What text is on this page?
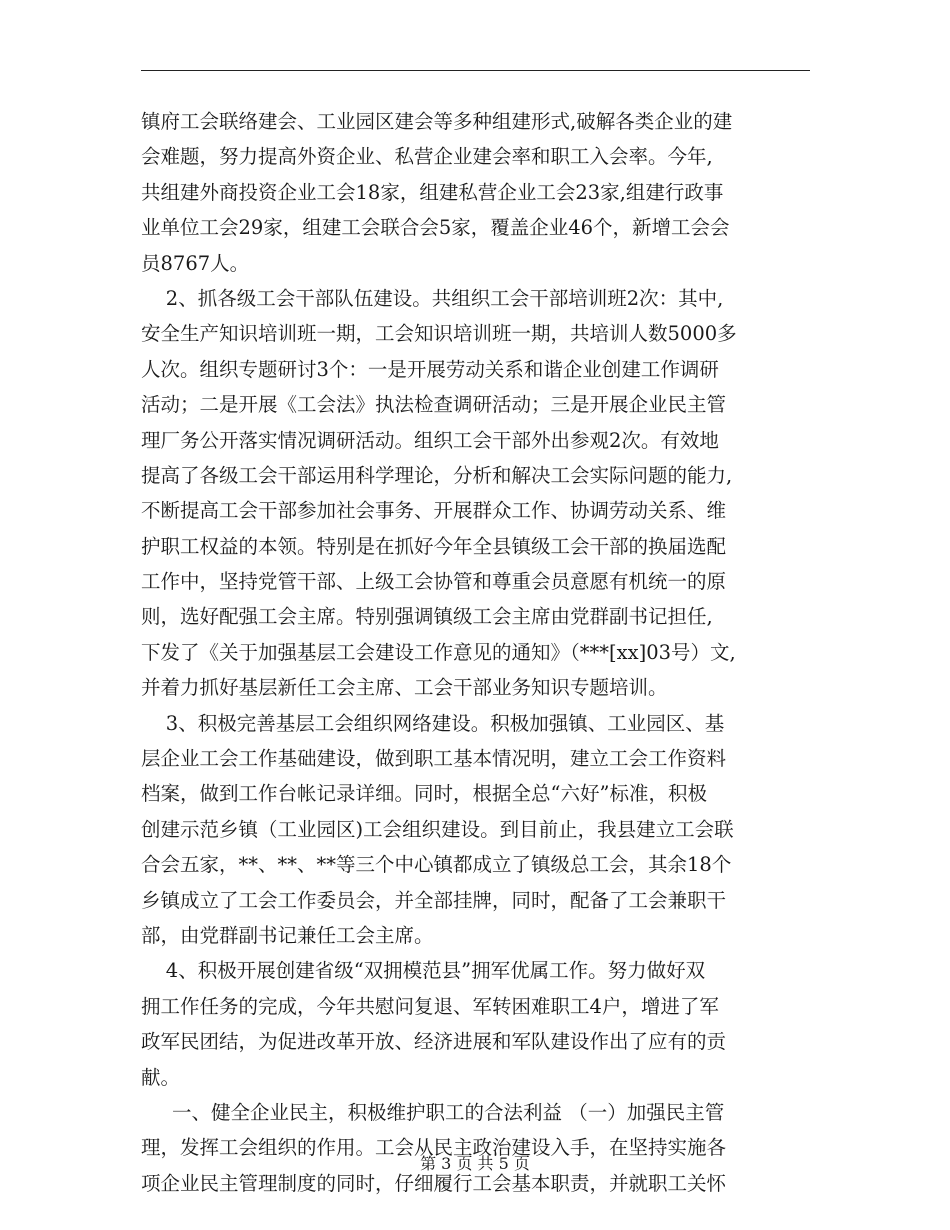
镇府工会联络建会、工业园区建会等多种组建形式,破解各类企业的建
会难题，努力提高外资企业、私营企业建会率和职工入会率。今年,
共组建外商投资企业工会18家，组建私营企业工会23家,组建行政事
业单位工会29家，组建工会联合会5家，覆盖企业46个，新增工会会
员8767人。
2、抓各级工会干部队伍建设。共组织工会干部培训班2次：其中,
安全生产知识培训班一期，工会知识培训班一期，共培训人数5000多
人次。组织专题研讨3个：一是开展劳动关系和谐企业创建工作调研
活动；二是开展《工会法》执法检查调研活动；三是开展企业民主管
理厂务公开落实情况调研活动。组织工会干部外出参观2次。有效地
提高了各级工会干部运用科学理论，分析和解决工会实际问题的能力,
不断提高工会干部参加社会事务、开展群众工作、协调劳动关系、维
护职工权益的本领。特别是在抓好今年全县镇级工会干部的换届选配
工作中，坚持党管干部、上级工会协管和尊重会员意愿有机统一的原
则，选好配强工会主席。特别强调镇级工会主席由党群副书记担任,
下发了《关于加强基层工会建设工作意见的通知》（***[xx]03号）文,
并着力抓好基层新任工会主席、工会干部业务知识专题培训。
3、积极完善基层工会组织网络建设。积极加强镇、工业园区、基
层企业工会工作基础建设，做到职工基本情况明，建立工会工作资料
档案，做到工作台帐记录详细。同时，根据全总“六好”标准，积极
创建示范乡镇（工业园区)工会组织建设。到目前止，我县建立工会联
合会五家，**、**、**等三个中心镇都成立了镇级总工会，其余18个
乡镇成立了工会工作委员会，并全部挂牌，同时，配备了工会兼职干
部，由党群副书记兼任工会主席。
4、积极开展创建省级“双拥模范县”拥军优属工作。努力做好双
拥工作任务的完成，今年共慰问复退、军转困难职工4户，增进了军
政军民团结，为促进改革开放、经济进展和军队建设作出了应有的贡
献。
一、健全企业民主，积极维护职工的合法利益 （一）加强民主管
理，发挥工会组织的作用。工会从民主政治建设入手，在坚持实施各
项企业民主管理制度的同时，仔细履行工会基本职责，并就职工关怀
第 3 页 共 5 页
